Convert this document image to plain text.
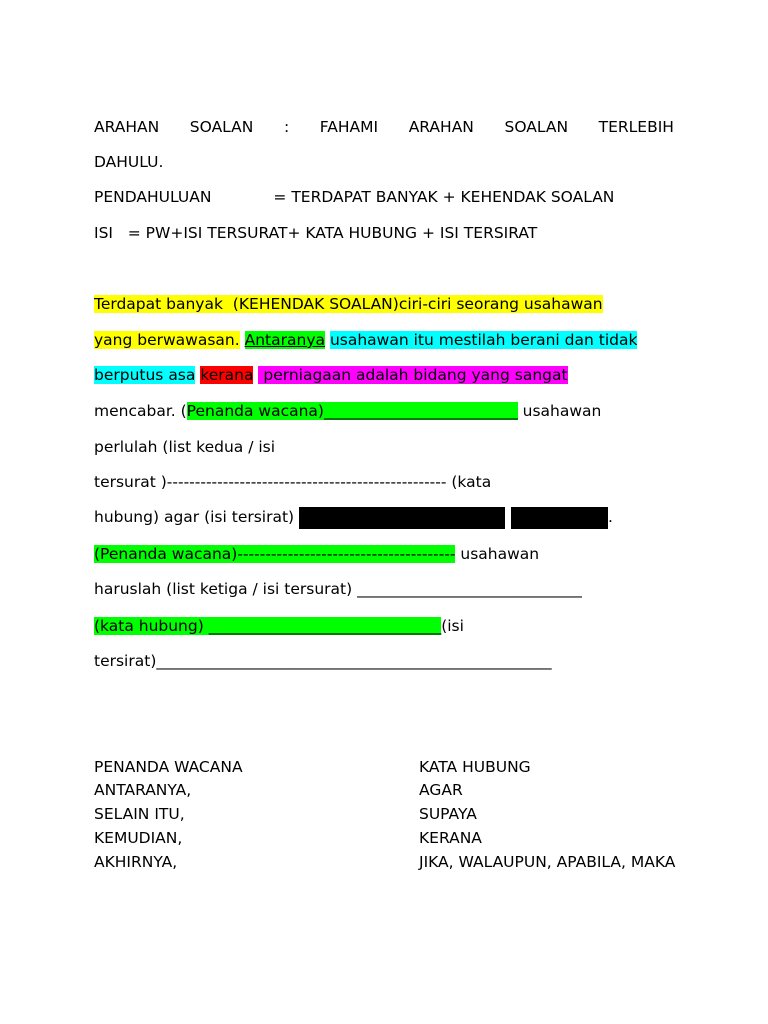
ARAHAN SOALAN : FAHAMI ARAHAN SOALAN TERLEBIH
DAHULU.
PENDAHULUAN	= TERDAPAT BANYAK + KEHENDAK SOALAN
ISI   = PW+ISI TERSURAT+ KATA HUBUNG + ISI TERSIRAT
Terdapat banyak  (KEHENDAK SOALAN)ciri-ciri seorang usahawan
yang berwawasan. Antaranya usahawan itu mestilah berani dan tidak
berputus asa kerana  perniagaan adalah bidang yang sangat
mencabar. (Penanda wacana)_________________________ usahawan
perlulah (list kedua / isi
tersurat )-------------------------------------------------- (kata
hubung) agar (isi tersirat)	.
(Penanda wacana)--------------------------------------- usahawan
haruslah (list ketiga / isi tersurat) _____________________________
(kata hubung) ______________________________(isi
tersirat)___________________________________________________
PENANDA WACANA	KATA HUBUNG
ANTARANYA,	AGAR
SELAIN ITU,	SUPAYA
KEMUDIAN,	KERANA
AKHIRNYA,	JIKA, WALAUPUN, APABILA, MAKA
